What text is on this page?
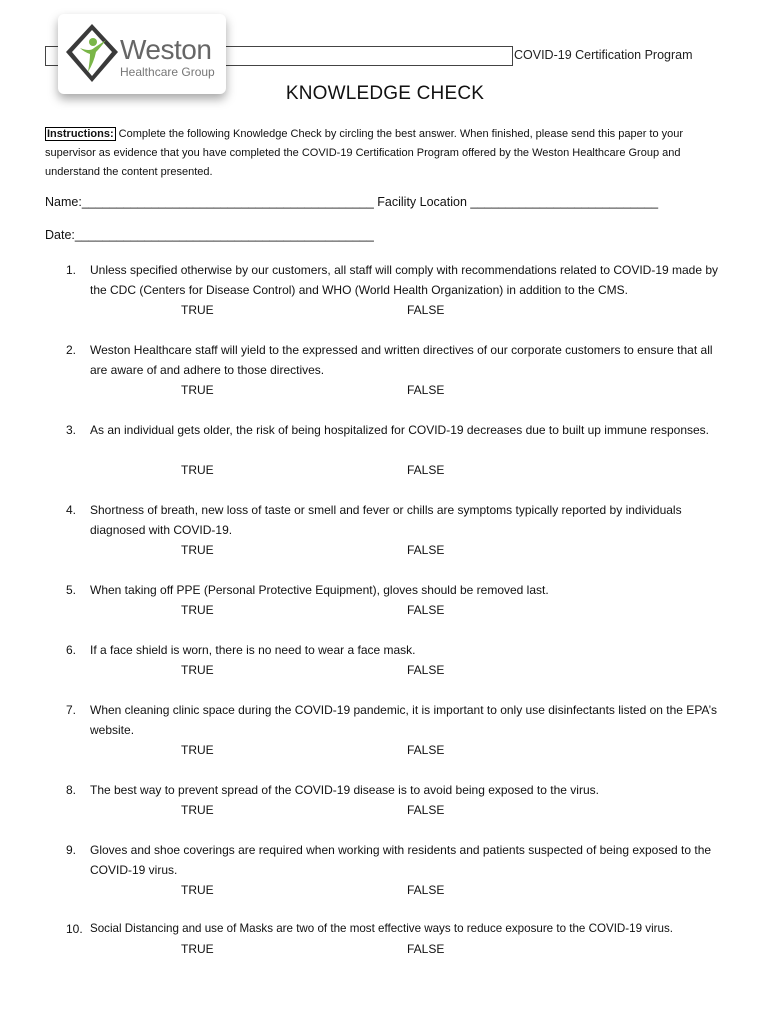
Weston
Healthcare Group
COVID-19 Certification Program
KNOWLEDGE CHECK
Instructions: Complete the following Knowledge Check by circling the best answer. When finished, please send this paper to your supervisor as evidence that you have completed the COVID-19 Certification Program offered by the Weston Healthcare Group and understand the content presented.
Name:__________________________________________ Facility Location ___________________________
Date:___________________________________________
1. Unless specified otherwise by our customers, all staff will comply with recommendations related to COVID-19 made by the CDC (Centers for Disease Control) and WHO (World Health Organization) in addition to the CMS.
TRUE	FALSE
2. Weston Healthcare staff will yield to the expressed and written directives of our corporate customers to ensure that all are aware of and adhere to those directives.
TRUE	FALSE
3. As an individual gets older, the risk of being hospitalized for COVID-19 decreases due to built up immune responses.
TRUE	FALSE
4. Shortness of breath, new loss of taste or smell and fever or chills are symptoms typically reported by individuals diagnosed with COVID-19.
TRUE	FALSE
5. When taking off PPE (Personal Protective Equipment), gloves should be removed last.
TRUE	FALSE
6. If a face shield is worn, there is no need to wear a face mask.
TRUE	FALSE
7. When cleaning clinic space during the COVID-19 pandemic, it is important to only use disinfectants listed on the EPA’s website.
TRUE	FALSE
8. The best way to prevent spread of the COVID-19 disease is to avoid being exposed to the virus.
TRUE	FALSE
9. Gloves and shoe coverings are required when working with residents and patients suspected of being exposed to the COVID-19 virus.
TRUE	FALSE
10. Social Distancing and use of Masks are two of the most effective ways to reduce exposure to the COVID-19 virus.
TRUE	FALSE
